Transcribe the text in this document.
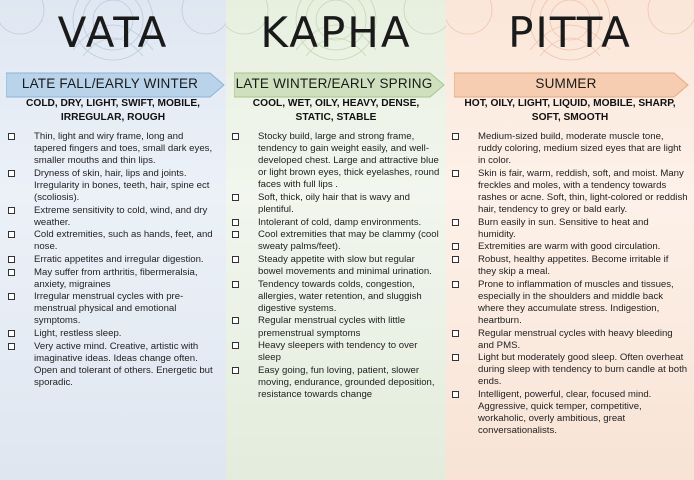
VATA
LATE FALL/EARLY WINTER
COLD, DRY, LIGHT, SWIFT, MOBILE, IRREGULAR, ROUGH
Thin, light and wiry frame, long and tapered fingers and toes, small dark eyes, smaller mouths and thin lips.
Dryness of skin, hair, lips and joints. Irregularity in bones, teeth, hair, spine ect (scoliosis).
Extreme sensitivity to cold, wind, and dry weather.
Cold extremities, such as hands, feet, and nose.
Erratic appetites and irregular digestion.
May suffer from arthritis, fibermeralsia, anxiety, migraines
Irregular menstrual cycles with pre-menstrual physical and emotional symptoms.
Light, restless sleep.
Very active mind. Creative, artistic with imaginative ideas. Ideas change often. Open and tolerant of others. Energetic but sporadic.
KAPHA
LATE WINTER/EARLY SPRING
COOL, WET, OILY, HEAVY, DENSE, STATIC, STABLE
Stocky build, large and strong frame, tendency to gain weight easily, and well-developed chest. Large and attractive blue or light brown eyes, thick eyelashes, round faces with full lips .
Soft, thick, oily hair that is wavy and plentiful.
Intolerant of cold, damp environments.
Cool extremities that may be clammy (cool sweaty palms/feet).
Steady appetite with slow but regular bowel movements and minimal urination.
Tendency towards colds, congestion, allergies, water retention, and sluggish digestive systems.
Regular menstrual cycles with little premenstrual symptoms
Heavy sleepers with tendency to over sleep
Easy going, fun loving, patient, slower moving, endurance, grounded deposition, resistance towards change
PITTA
SUMMER
HOT, OILY, LIGHT, LIQUID, MOBILE, SHARP, SOFT, SMOOTH
Medium-sized build, moderate muscle tone, ruddy coloring, medium sized eyes that are light in color.
Skin is fair, warm, reddish, soft, and moist. Many freckles and moles, with a tendency towards rashes or acne. Soft, thin, light-colored or reddish hair, tendency to grey or bald early.
Burn easily in sun. Sensitive to heat and humidity.
Extremities are warm with good circulation.
Robust, healthy appetites. Become irritable if they skip a meal.
Prone to inflammation of muscles and tissues, especially in the shoulders and middle back where they accumulate stress. Indigestion, heartburn.
Regular menstrual cycles with heavy bleeding and PMS.
Light but moderately good sleep. Often overheat during sleep with tendency to burn candle at both ends.
Intelligent, powerful, clear, focused mind. Aggressive, quick temper, competitive, workaholic, overly ambitious, great conversationalists.
